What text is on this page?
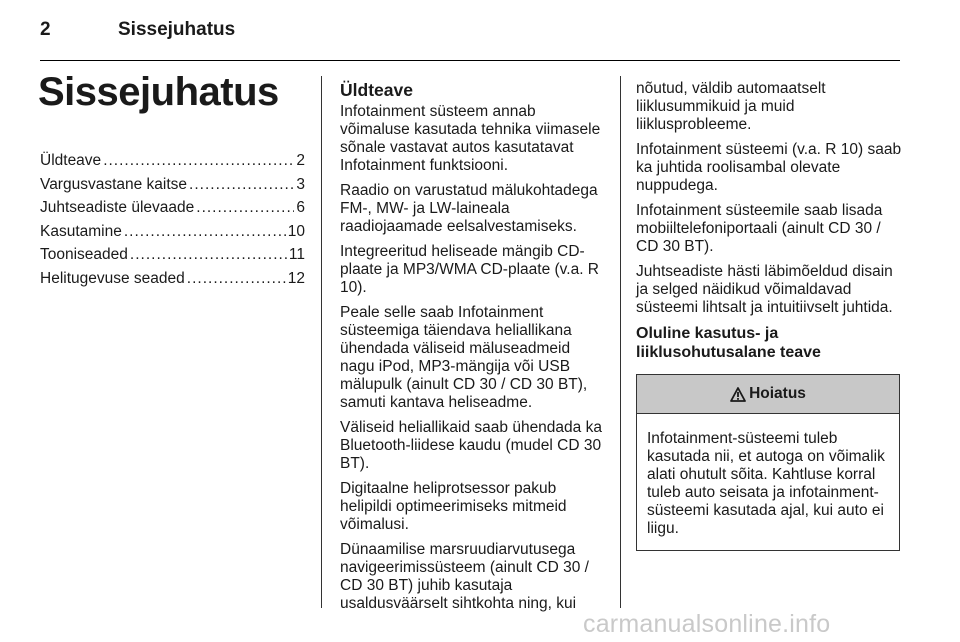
2	Sissejuhatus
Sissejuhatus
Üldteave .....	2
Vargusvastane kaitse .....	3
Juhtseadiste ülevaade .....	6
Kasutamine .....	10
Tooniseaded .....	11
Helitugevuse seaded .....	12
Üldteave

Infotainment süsteem annab võimaluse kasutada tehnika viimasele sõnale vastavat autos kasutatavat Infotainment funktsiooni.

Raadio on varustatud mälukohtadega FM-, MW- ja LW-laineala raadiojaamade eelsalvestamiseks.

Integreeritud heliseade mängib CD-plaate ja MP3/WMA CD-plaate (v.a. R 10).

Peale selle saab Infotainment süsteemiga täiendava heliallikana ühendada väliseid mäluseadmeid nagu iPod, MP3-mängija või USB mälupulk (ainult CD 30 / CD 30 BT), samuti kantava heliseadme.

Väliseid heliallikaid saab ühendada ka Bluetooth-liidese kaudu (mudel CD 30 BT).

Digitaalne heliprotsessor pakub helipildi optimeerimiseks mitmeid võimalusi.

Dünaamilise marsruudiarvutusega navigeerimissüsteem (ainult CD 30 / CD 30 BT) juhib kasutaja usaldusväärselt sihtkohta ning, kui

nõutud, väldib automaatselt liiklusummikuid ja muid liiklusprobleeme.

Infotainment süsteemi (v.a. R 10) saab ka juhtida roolisambal olevate nuppudega.

Infotainment süsteemile saab lisada mobiiltelefoniportaali (ainult CD 30 / CD 30 BT).

Juhtseadiste hästi läbimõeldud disain ja selged näidikud võimaldavad süsteemi lihtsalt ja intuitiivselt juhtida.

Oluline kasutus- ja
liiklusohutusalane teave
Hoiatus
Infotainment-süsteemi tuleb kasutada nii, et autoga on võimalik alati ohutult sõita. Kahtluse korral tuleb auto seisata ja infotainment-süsteemi kasutada ajal, kui auto ei liigu.
carmanualsonline.info
